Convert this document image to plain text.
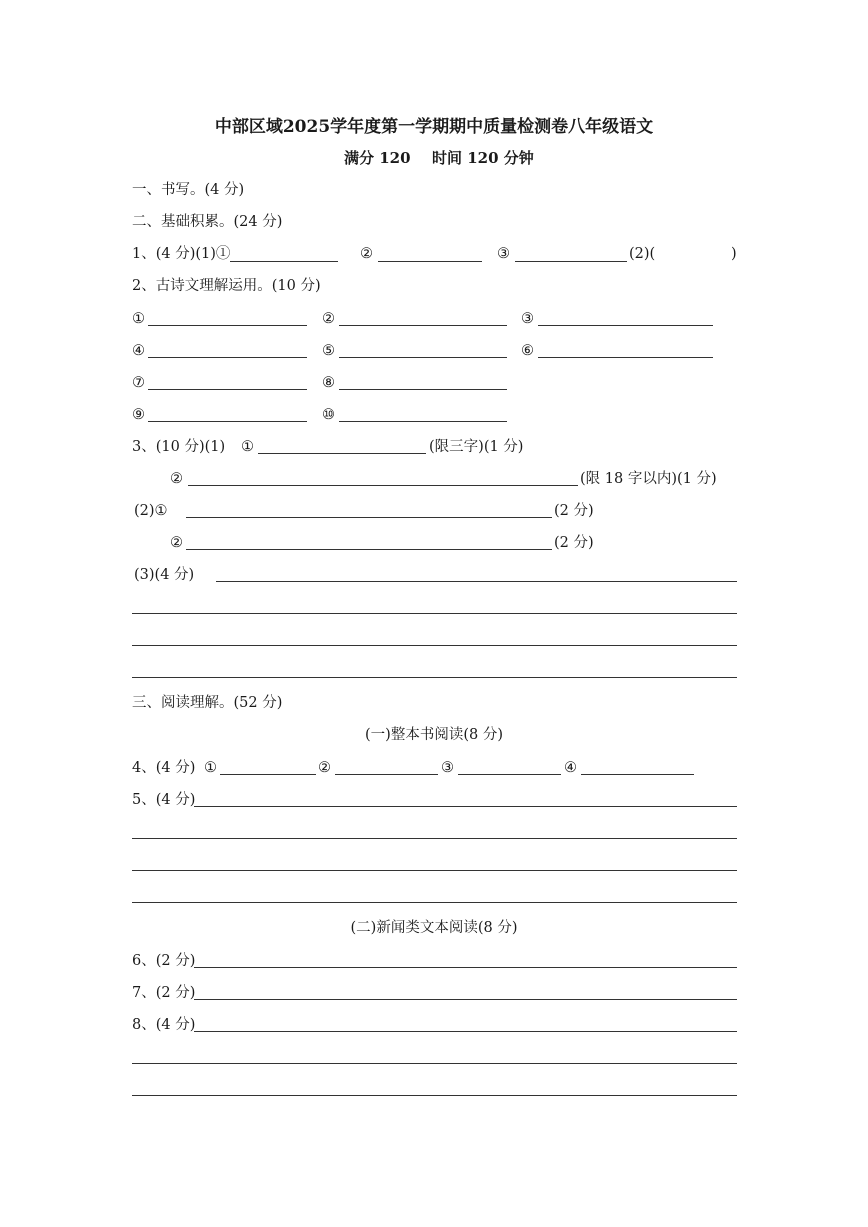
中部区域2025学年度第一学期期中质量检测卷八年级语文
满分 120 时间 120 分钟
一、书写。(4 分)
二、基础积累。(24 分)
1、(4 分)(1)①	②	③	(2)(	)
2、古诗文理解运用。(10 分)
①	②	③
④	⑤	⑥
⑦	⑧
⑨	⑩
3、(10 分)(1) ①	(限三字)(1 分)
②	(限 18 字以内)(1 分)
(2)①	(2 分)
②	(2 分)
(3)(4 分)
三、阅读理解。(52 分)
(一)整本书阅读(8 分)
4、(4 分) ①	②	③	④
5、(4 分)
(二)新闻类文本阅读(8 分)
6、(2 分)
7、(2 分)
8、(4 分)
